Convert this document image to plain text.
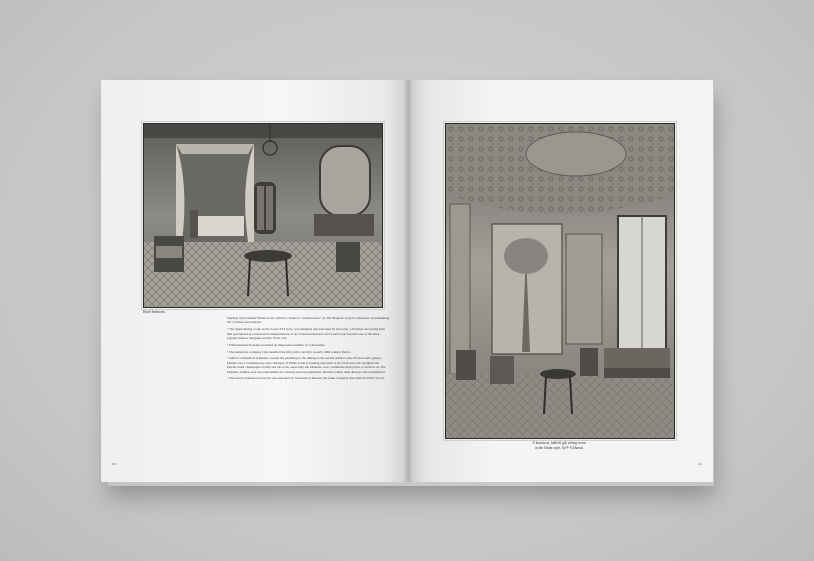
Hotel bedroom

Starting with Armand Sibien as his architect, Tauber's "collaborators" on The Majestic project comprised a breathtaking list of artists and artisans:

• The grand dining room, in the Louis XVI style, was designed and executed by Alavoine, a Parisian decorating firm that specialised in conservative interpretations of Art Nouveau interiors and would soon become one of the most popular interior designers in New York City.

• Fabbronneries Pouchet provided an impressive number of wolfroomes.

• The American company Otis installed the lifts (still a novelty in early 20th century Paris).

• Gifted craftsman P-A Dumas created the panelling in the dining room and the small rooms off the hotel's gallery. Dumas was a contemporary and colleague of Emile Gallé (a leading exponent of Art Nouveau who designed the Perrier-Jouët champagne bottle) and his work, especially his furniture, now commands high prices at auction. At The Majestic, Dumas was also responsible for creating several exquisitely detailed rolltop desk drawers and bookshelves.

• The hotel's extensive ironwork was executed by Schwartz et Meurer, the same company that built the Eiffel Tower.

00
A luxurious, ballroll gilt sitting-room
in the Adam style, by P-A Dumas
21
